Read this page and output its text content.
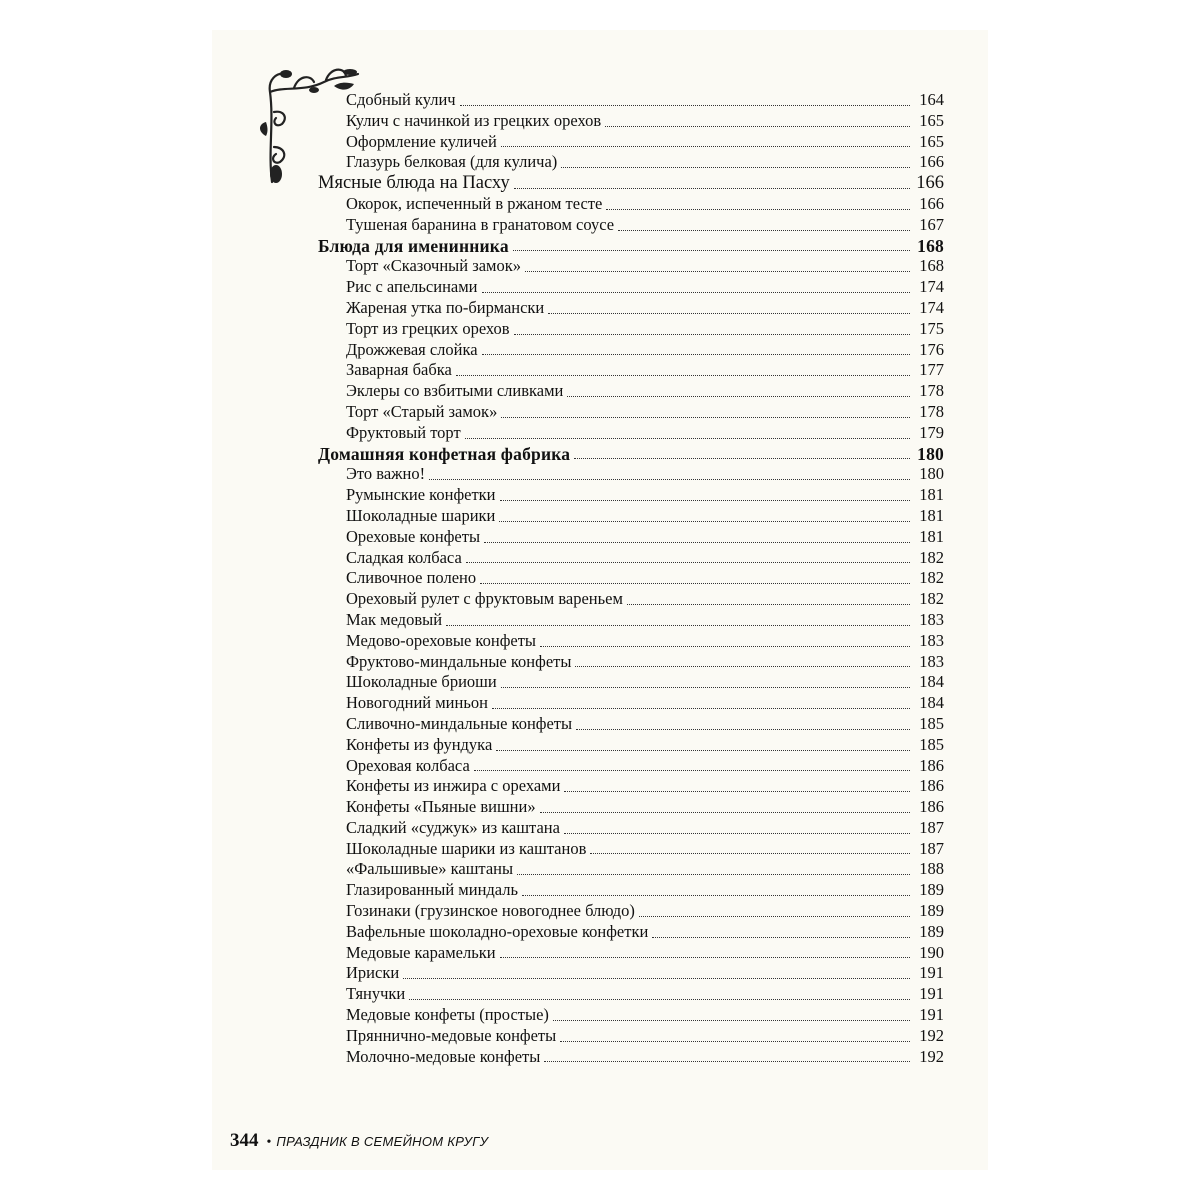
Сдобный кулич	164
Кулич с начинкой из грецких орехов	165
Оформление куличей	165
Глазурь белковая (для кулича)	166
Мясные блюда на Пасху	166
Окорок, испеченный в ржаном тесте	166
Тушеная баранина в гранатовом соусе	167
Блюда для именинника	168
Торт «Сказочный замок»	168
Рис с апельсинами	174
Жареная утка по-бирмански	174
Торт из грецких орехов	175
Дрожжевая слойка	176
Заварная бабка	177
Эклеры со взбитыми сливками	178
Торт «Старый замок»	178
Фруктовый торт	179
Домашняя конфетная фабрика	180
Это важно!	180
Румынские конфетки	181
Шоколадные шарики	181
Ореховые конфеты	181
Сладкая колбаса	182
Сливочное полено	182
Ореховый рулет с фруктовым вареньем	182
Мак медовый	183
Медово-ореховые конфеты	183
Фруктово-миндальные конфеты	183
Шоколадные бриоши	184
Новогодний миньон	184
Сливочно-миндальные конфеты	185
Конфеты из фундука	185
Ореховая колбаса	186
Конфеты из инжира с орехами	186
Конфеты «Пьяные вишни»	186
Сладкий «суджук» из каштана	187
Шоколадные шарики из каштанов	187
«Фальшивые» каштаны	188
Глазированный миндаль	189
Гозинаки (грузинское новогоднее блюдо)	189
Вафельные шоколадно-ореховые конфетки	189
Медовые карамельки	190
Ириски	191
Тянучки	191
Медовые конфеты (простые)	191
Пряннично-медовые конфеты	192
Молочно-медовые конфеты	192
344 • ПРАЗДНИК В СЕМЕЙНОМ КРУГУ
